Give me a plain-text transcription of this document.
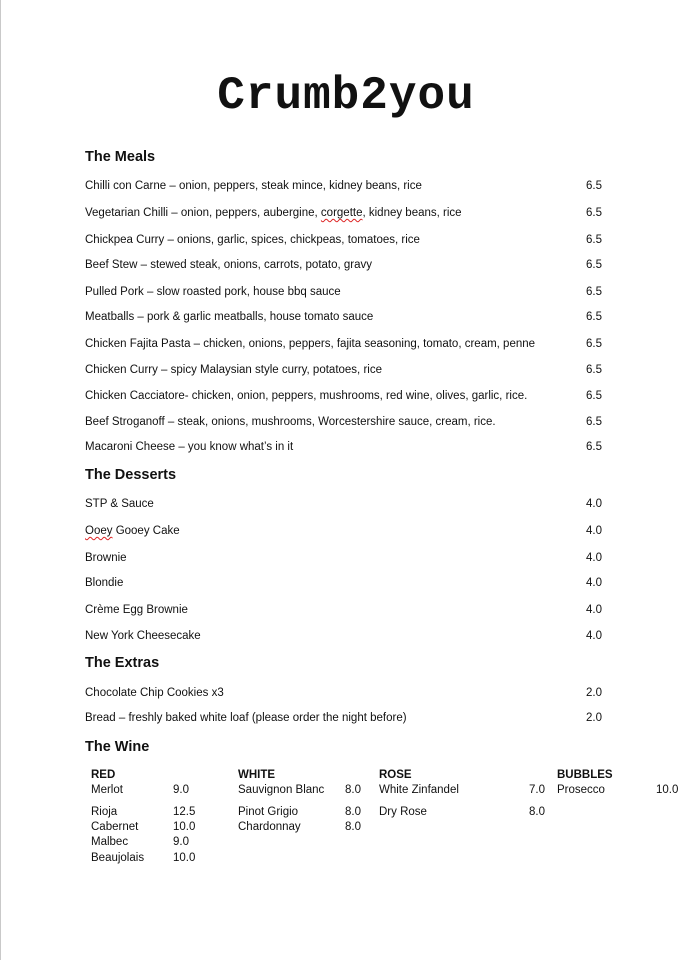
Crumb2you
The Meals
Chilli con Carne – onion, peppers, steak mince, kidney beans, rice	6.5
Vegetarian Chilli – onion, peppers, aubergine, corgette, kidney beans, rice	6.5
Chickpea Curry – onions, garlic, spices, chickpeas, tomatoes, rice	6.5
Beef Stew – stewed steak, onions, carrots, potato, gravy	6.5
Pulled Pork – slow roasted pork, house bbq sauce	6.5
Meatballs – pork & garlic meatballs, house tomato sauce	6.5
Chicken Fajita Pasta – chicken, onions, peppers, fajita seasoning, tomato, cream, penne	6.5
Chicken Curry – spicy Malaysian style curry, potatoes, rice	6.5
Chicken Cacciatore- chicken, onion, peppers, mushrooms, red wine, olives, garlic, rice.	6.5
Beef Stroganoff – steak, onions, mushrooms, Worcestershire sauce, cream, rice.	6.5
Macaroni Cheese – you know what’s in it	6.5
The Desserts
STP & Sauce	4.0
Ooey Gooey Cake	4.0
Brownie	4.0
Blondie	4.0
Crème Egg Brownie	4.0
New York Cheesecake	4.0
The Extras
Chocolate Chip Cookies x3	2.0
Bread – freshly baked white loaf (please order the night before)	2.0
The Wine
RED
Merlot	9.0
Rioja	12.5
Cabernet	10.0
Malbec	9.0
Beaujolais	10.0
WHITE
Sauvignon Blanc 8.0
Pinot Grigio	8.0
Chardonnay	8.0
ROSE
White Zinfandel	7.0
Dry Rose	8.0
BUBBLES
Prosecco	10.0
